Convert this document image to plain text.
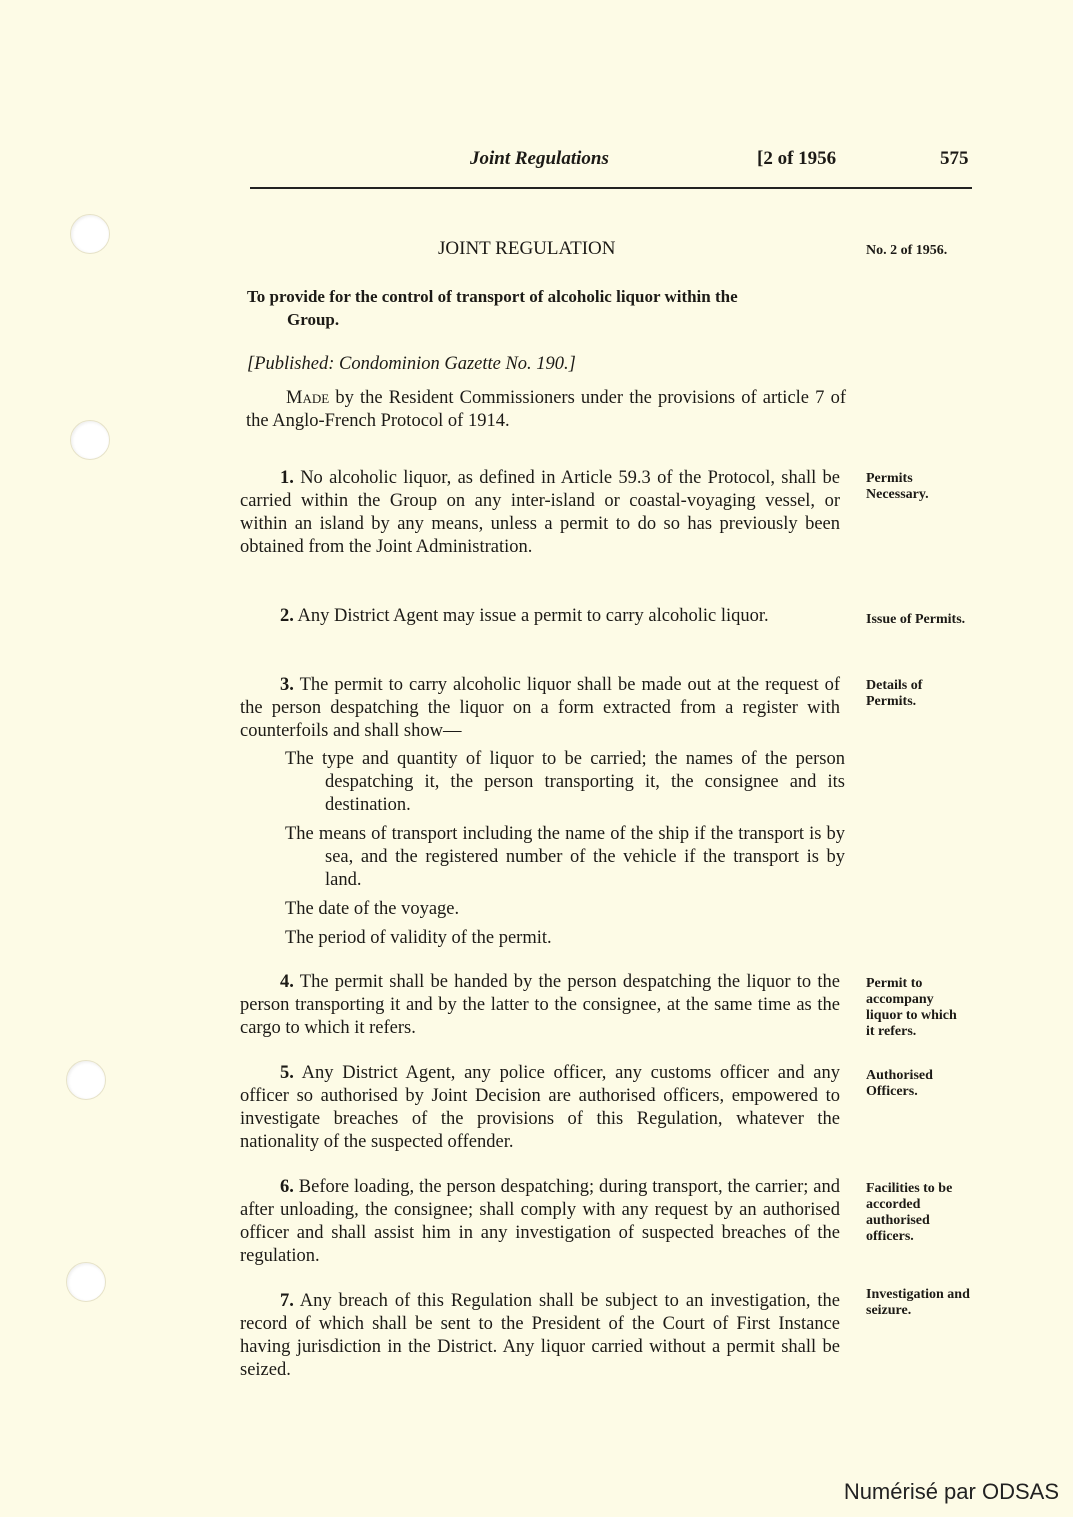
Joint Regulations	[2 of 1956	575
JOINT REGULATION	No. 2 of 1956.
To provide for the control of transport of alcoholic liquor within the
Group.
[Published: Condominion Gazette No. 190.]

Made by the Resident Commissioners under the provisions of article 7 of the Anglo-French Protocol of 1914.

1. No alcoholic liquor, as defined in Article 59.3 of the Protocol, shall be carried within the Group on any inter-island or coastal-voyaging vessel, or within an island by any means, unless a permit to do so has previously been obtained from the Joint Administration.

Permits Necessary.

2. Any District Agent may issue a permit to carry alcoholic liquor.	Issue of Permits.

3. The permit to carry alcoholic liquor shall be made out at the request of the person despatching the liquor on a form extracted from a register with counterfoils and shall show—

Details of Permits.

The type and quantity of liquor to be carried; the names of the person despatching it, the person transporting it, the consignee and its destination.

The means of transport including the name of the ship if the transport is by sea, and the registered number of the vehicle if the transport is by land.

The date of the voyage.

The period of validity of the permit.

4. The permit shall be handed by the person despatching the liquor to the person transporting it and by the latter to the consignee, at the same time as the cargo to which it refers.

Permit to accompany liquor to which it refers.

5. Any District Agent, any police officer, any customs officer and any officer so authorised by Joint Decision are authorised officers, empowered to investigate breaches of the provisions of this Regulation, whatever the nationality of the suspected offender.

Authorised Officers.

6. Before loading, the person despatching; during transport, the carrier; and after unloading, the consignee; shall comply with any request by an authorised officer and shall assist him in any investigation of suspected breaches of the regulation.

Facilities to be accorded authorised officers.

7. Any breach of this Regulation shall be subject to an investigation, the record of which shall be sent to the President of the Court of First Instance having jurisdiction in the District. Any liquor carried without a permit shall be seized.

Investigation and seizure.
Numérisé par ODSAS
